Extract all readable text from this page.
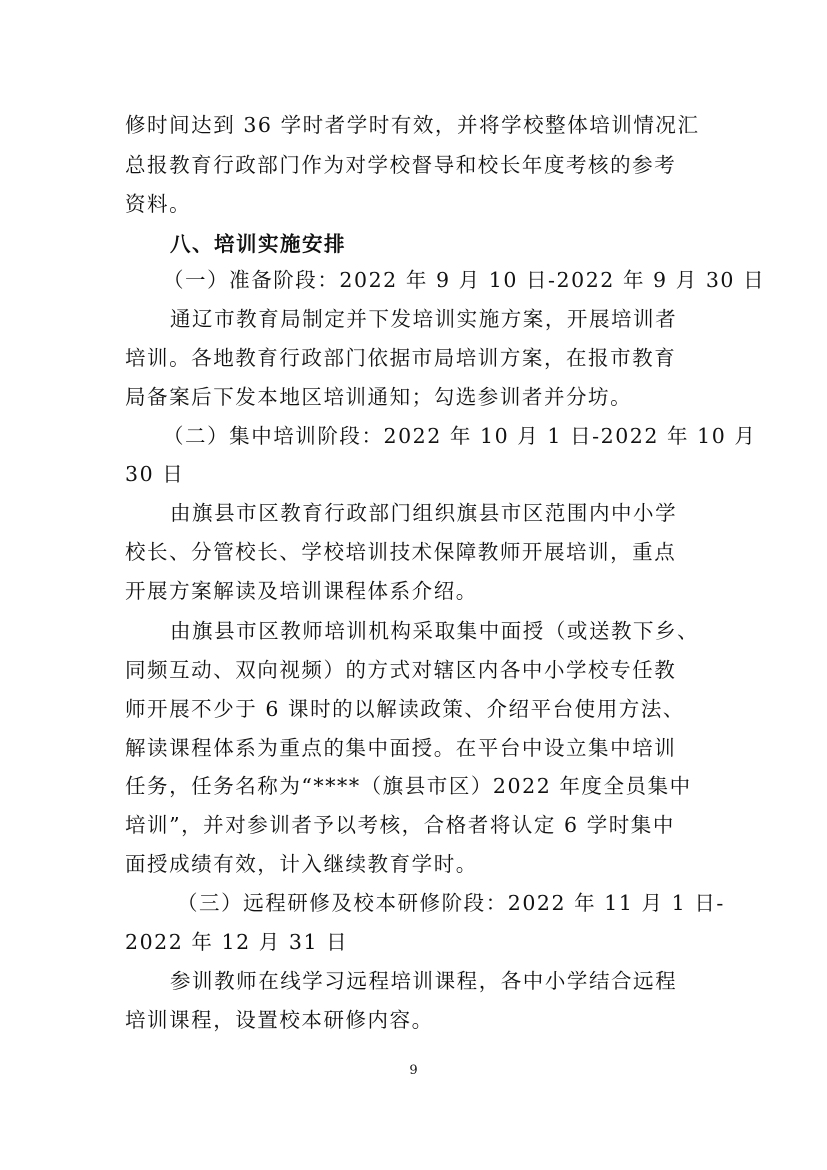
修时间达到 36 学时者学时有效，并将学校整体培训情况汇
总报教育行政部门作为对学校督导和校长年度考核的参考
资料。
八、培训实施安排
（一）准备阶段：2022 年 9 月 10 日-2022 年 9 月 30 日
通辽市教育局制定并下发培训实施方案，开展培训者
培训。各地教育行政部门依据市局培训方案，在报市教育
局备案后下发本地区培训通知；勾选参训者并分坊。
（二）集中培训阶段：2022 年 10 月 1 日-2022 年 10 月
30 日
由旗县市区教育行政部门组织旗县市区范围内中小学
校长、分管校长、学校培训技术保障教师开展培训，重点
开展方案解读及培训课程体系介绍。
由旗县市区教师培训机构采取集中面授（或送教下乡、
同频互动、双向视频）的方式对辖区内各中小学校专任教
师开展不少于 6 课时的以解读政策、介绍平台使用方法、
解读课程体系为重点的集中面授。在平台中设立集中培训
任务，任务名称为“****（旗县市区）2022 年度全员集中
培训”，并对参训者予以考核，合格者将认定 6 学时集中
面授成绩有效，计入继续教育学时。
（三）远程研修及校本研修阶段：2022 年 11 月 1 日-
2022 年 12 月 31 日
参训教师在线学习远程培训课程，各中小学结合远程
培训课程，设置校本研修内容。
9
